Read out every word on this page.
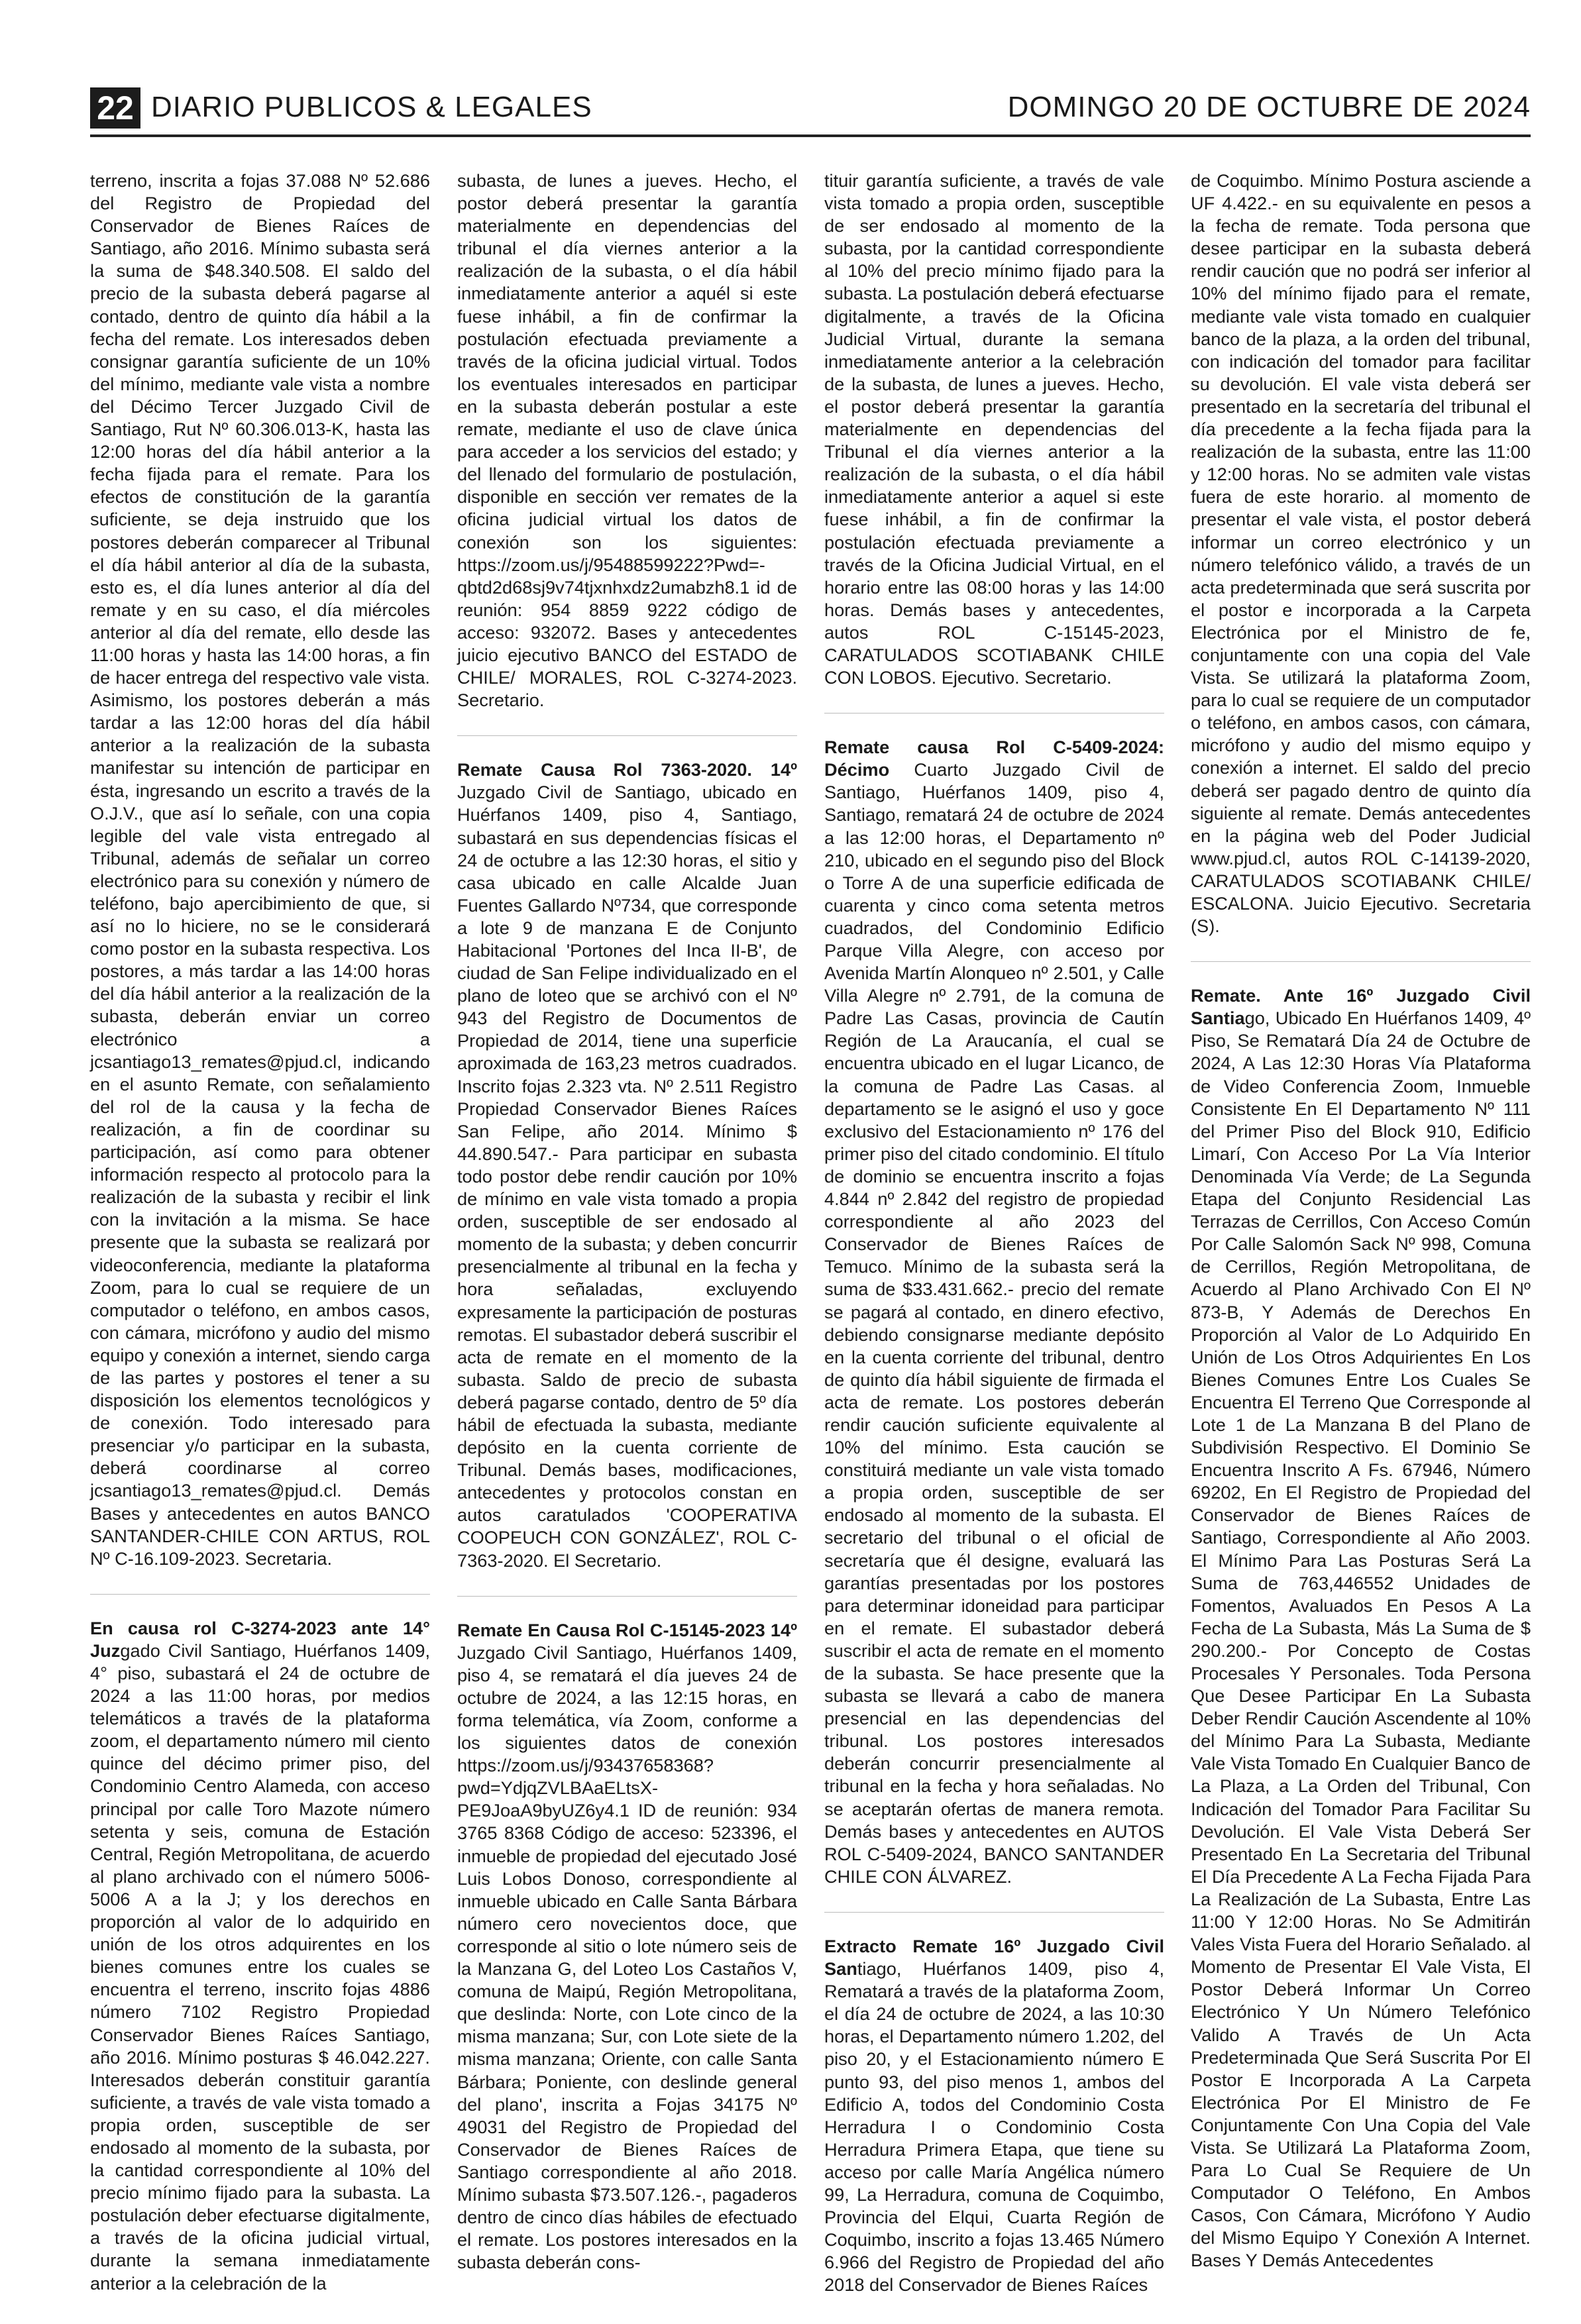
22 DIARIO PUBLICOS & LEGALES	DOMINGO 20 DE OCTUBRE DE 2024

terreno, inscrita a fojas 37.088 Nº 52.686 del Registro de Propiedad del Conservador de Bienes Raíces de Santiago, año 2016. Mínimo subasta será la suma de $48.340.508. El saldo del precio de la subasta deberá pagarse al contado, dentro de quinto día hábil a la fecha del remate. Los interesados deben consignar garantía suficiente de un 10% del mínimo, mediante vale vista a nombre del Décimo Tercer Juzgado Civil de Santiago, Rut Nº 60.306.013-K, hasta las 12:00 horas del día hábil anterior a la fecha fijada para el remate. Para los efectos de constitución de la garantía suficiente, se deja instruido que los postores deberán comparecer al Tribunal el día hábil anterior al día de la subasta, esto es, el día lunes anterior al día del remate y en su caso, el día miércoles anterior al día del remate, ello desde las 11:00 horas y hasta las 14:00 horas, a fin de hacer entrega del respectivo vale vista. Asimismo, los postores deberán a más tardar a las 12:00 horas del día hábil anterior a la realización de la subasta manifestar su intención de participar en ésta, ingresando un escrito a través de la O.J.V., que así lo señale, con una copia legible del vale vista entregado al Tribunal, además de señalar un correo electrónico para su conexión y número de teléfono, bajo apercibimiento de que, si así no lo hiciere, no se le considerará como postor en la subasta respectiva. Los postores, a más tardar a las 14:00 horas del día hábil anterior a la realización de la subasta, deberán enviar un correo electrónico a jcsantiago13_remates@pjud.cl, indicando en el asunto Remate, con señalamiento del rol de la causa y la fecha de realización, a fin de coordinar su participación, así como para obtener información respecto al protocolo para la realización de la subasta y recibir el link con la invitación a la misma. Se hace presente que la subasta se realizará por videoconferencia, mediante la plataforma Zoom, para lo cual se requiere de un computador o teléfono, en ambos casos, con cámara, micrófono y audio del mismo equipo y conexión a internet, siendo carga de las partes y postores el tener a su disposición los elementos tecnológicos y de conexión. Todo interesado para presenciar y/o participar en la subasta, deberá coordinarse al correo jcsantiago13_remates@pjud.cl. Demás Bases y antecedentes en autos BANCO SANTANDER-CHILE CON ARTUS, ROL Nº C-16.109-2023. Secretaria.

En causa rol C-3274-2023 ante 14° Juzgado Civil Santiago, Huérfanos 1409, 4° piso, subastará el 24 de octubre de 2024 a las 11:00 horas, por medios telemáticos a través de la plataforma zoom, el departamento número mil ciento quince del décimo primer piso, del Condominio Centro Alameda, con acceso principal por calle Toro Mazote número setenta y seis, comuna de Estación Central, Región Metropolitana, de acuerdo al plano archivado con el número 5006-5006 A a la J; y los derechos en proporción al valor de lo adquirido en unión de los otros adquirentes en los bienes comunes entre los cuales se encuentra el terreno, inscrito fojas 4886 número 7102 Registro Propiedad Conservador Bienes Raíces Santiago, año 2016. Mínimo posturas $ 46.042.227. Interesados deberán constituir garantía suficiente, a través de vale vista tomado a propia orden, susceptible de ser endosado al momento de la subasta, por la cantidad correspondiente al 10% del precio mínimo fijado para la subasta. La postulación deber efectuarse digitalmente, a través de la oficina judicial virtual, durante la semana inmediatamente anterior a la celebración de la

subasta, de lunes a jueves. Hecho, el postor deberá presentar la garantía materialmente en dependencias del tribunal el día viernes anterior a la realización de la subasta, o el día hábil inmediatamente anterior a aquél si este fuese inhábil, a fin de confirmar la postulación efectuada previamente a través de la oficina judicial virtual. Todos los eventuales interesados en participar en la subasta deberán postular a este remate, mediante el uso de clave única para acceder a los servicios del estado; y del llenado del formulario de postulación, disponible en sección ver remates de la oficina judicial virtual los datos de conexión son los siguientes: https://zoom.us/j/95488599222?Pwd=-qbtd2d68sj9v74tjxnhxdz2umabzh8.1 id de reunión: 954 8859 9222 código de acceso: 932072. Bases y antecedentes juicio ejecutivo BANCO del ESTADO de CHILE/ MORALES, ROL C-3274-2023. Secretario.

Remate Causa Rol 7363-2020. 14º Juzgado Civil de Santiago, ubicado en Huérfanos 1409, piso 4, Santiago, subastará en sus dependencias físicas el 24 de octubre a las 12:30 horas, el sitio y casa ubicado en calle Alcalde Juan Fuentes Gallardo Nº734, que corresponde a lote 9 de manzana E de Conjunto Habitacional 'Portones del Inca II-B', de ciudad de San Felipe individualizado en el plano de loteo que se archivó con el Nº 943 del Registro de Documentos de Propiedad de 2014, tiene una superficie aproximada de 163,23 metros cuadrados. Inscrito fojas 2.323 vta. Nº 2.511 Registro Propiedad Conservador Bienes Raíces San Felipe, año 2014. Mínimo $ 44.890.547.- Para participar en subasta todo postor debe rendir caución por 10% de mínimo en vale vista tomado a propia orden, susceptible de ser endosado al momento de la subasta; y deben concurrir presencialmente al tribunal en la fecha y hora señaladas, excluyendo expresamente la participación de posturas remotas. El subastador deberá suscribir el acta de remate en el momento de la subasta. Saldo de precio de subasta deberá pagarse contado, dentro de 5º día hábil de efectuada la subasta, mediante depósito en la cuenta corriente de Tribunal. Demás bases, modificaciones, antecedentes y protocolos constan en autos caratulados 'COOPERATIVA COOPEUCH CON GONZÁLEZ', ROL C-7363-2020. El Secretario.

Remate En Causa Rol C-15145-2023 14º Juzgado Civil Santiago, Huérfanos 1409, piso 4, se rematará el día jueves 24 de octubre de 2024, a las 12:15 horas, en forma telemática, vía Zoom, conforme a los siguientes datos de conexión https://zoom.us/j/93437658368?pwd=YdjqZVLBAaELtsX-PE9JoaA9byUZ6y4.1 ID de reunión: 934 3765 8368 Código de acceso: 523396, el inmueble de propiedad del ejecutado José Luis Lobos Donoso, correspondiente al inmueble ubicado en Calle Santa Bárbara número cero novecientos doce, que corresponde al sitio o lote número seis de la Manzana G, del Loteo Los Castaños V, comuna de Maipú, Región Metropolitana, que deslinda: Norte, con Lote cinco de la misma manzana; Sur, con Lote siete de la misma manzana; Oriente, con calle Santa Bárbara; Poniente, con deslinde general del plano', inscrita a Fojas 34175 Nº 49031 del Registro de Propiedad del Conservador de Bienes Raíces de Santiago correspondiente al año 2018. Mínimo subasta $73.507.126.-, pagaderos dentro de cinco días hábiles de efectuado el remate. Los postores interesados en la subasta deberán cons-

tituir garantía suficiente, a través de vale vista tomado a propia orden, susceptible de ser endosado al momento de la subasta, por la cantidad correspondiente al 10% del precio mínimo fijado para la subasta. La postulación deberá efectuarse digitalmente, a través de la Oficina Judicial Virtual, durante la semana inmediatamente anterior a la celebración de la subasta, de lunes a jueves. Hecho, el postor deberá presentar la garantía materialmente en dependencias del Tribunal el día viernes anterior a la realización de la subasta, o el día hábil inmediatamente anterior a aquel si este fuese inhábil, a fin de confirmar la postulación efectuada previamente a través de la Oficina Judicial Virtual, en el horario entre las 08:00 horas y las 14:00 horas. Demás bases y antecedentes, autos ROL C-15145-2023, CARATULADOS SCOTIABANK CHILE CON LOBOS. Ejecutivo. Secretario.

Remate causa Rol C-5409-2024: Décimo Cuarto Juzgado Civil de Santiago, Huérfanos 1409, piso 4, Santiago, rematará 24 de octubre de 2024 a las 12:00 horas, el Departamento nº 210, ubicado en el segundo piso del Block o Torre A de una superficie edificada de cuarenta y cinco coma setenta metros cuadrados, del Condominio Edificio Parque Villa Alegre, con acceso por Avenida Martín Alonqueo nº 2.501, y Calle Villa Alegre nº 2.791, de la comuna de Padre Las Casas, provincia de Cautín Región de La Araucanía, el cual se encuentra ubicado en el lugar Licanco, de la comuna de Padre Las Casas. al departamento se le asignó el uso y goce exclusivo del Estacionamiento nº 176 del primer piso del citado condominio. El título de dominio se encuentra inscrito a fojas 4.844 nº 2.842 del registro de propiedad correspondiente al año 2023 del Conservador de Bienes Raíces de Temuco. Mínimo de la subasta será la suma de $33.431.662.- precio del remate se pagará al contado, en dinero efectivo, debiendo consignarse mediante depósito en la cuenta corriente del tribunal, dentro de quinto día hábil siguiente de firmada el acta de remate. Los postores deberán rendir caución suficiente equivalente al 10% del mínimo. Esta caución se constituirá mediante un vale vista tomado a propia orden, susceptible de ser endosado al momento de la subasta. El secretario del tribunal o el oficial de secretaría que él designe, evaluará las garantías presentadas por los postores para determinar idoneidad para participar en el remate. El subastador deberá suscribir el acta de remate en el momento de la subasta. Se hace presente que la subasta se llevará a cabo de manera presencial en las dependencias del tribunal. Los postores interesados deberán concurrir presencialmente al tribunal en la fecha y hora señaladas. No se aceptarán ofertas de manera remota. Demás bases y antecedentes en AUTOS ROL C-5409-2024, BANCO SANTANDER CHILE CON ÁLVAREZ.

Extracto Remate 16º Juzgado Civil Santiago, Huérfanos 1409, piso 4, Rematará a través de la plataforma Zoom, el día 24 de octubre de 2024, a las 10:30 horas, el Departamento número 1.202, del piso 20, y el Estacionamiento número E punto 93, del piso menos 1, ambos del Edificio A, todos del Condominio Costa Herradura I o Condominio Costa Herradura Primera Etapa, que tiene su acceso por calle María Angélica número 99, La Herradura, comuna de Coquimbo, Provincia del Elqui, Cuarta Región de Coquimbo, inscrito a fojas 13.465 Número 6.966 del Registro de Propiedad del año 2018 del Conservador de Bienes Raíces

de Coquimbo. Mínimo Postura asciende a UF 4.422.- en su equivalente en pesos a la fecha de remate. Toda persona que desee participar en la subasta deberá rendir caución que no podrá ser inferior al 10% del mínimo fijado para el remate, mediante vale vista tomado en cualquier banco de la plaza, a la orden del tribunal, con indicación del tomador para facilitar su devolución. El vale vista deberá ser presentado en la secretaría del tribunal el día precedente a la fecha fijada para la realización de la subasta, entre las 11:00 y 12:00 horas. No se admiten vale vistas fuera de este horario. al momento de presentar el vale vista, el postor deberá informar un correo electrónico y un número telefónico válido, a través de un acta predeterminada que será suscrita por el postor e incorporada a la Carpeta Electrónica por el Ministro de fe, conjuntamente con una copia del Vale Vista. Se utilizará la plataforma Zoom, para lo cual se requiere de un computador o teléfono, en ambos casos, con cámara, micrófono y audio del mismo equipo y conexión a internet. El saldo del precio deberá ser pagado dentro de quinto día siguiente al remate. Demás antecedentes en la página web del Poder Judicial www.pjud.cl, autos ROL C-14139-2020, CARATULADOS SCOTIABANK CHILE/ ESCALONA. Juicio Ejecutivo. Secretaria (S).

Remate. Ante 16º Juzgado Civil Santiago, Ubicado En Huérfanos 1409, 4º Piso, Se Rematará Día 24 de Octubre de 2024, A Las 12:30 Horas Vía Plataforma de Video Conferencia Zoom, Inmueble Consistente En El Departamento Nº 111 del Primer Piso del Block 910, Edificio Limarí, Con Acceso Por La Vía Interior Denominada Vía Verde; de La Segunda Etapa del Conjunto Residencial Las Terrazas de Cerrillos, Con Acceso Común Por Calle Salomón Sack Nº 998, Comuna de Cerrillos, Región Metropolitana, de Acuerdo al Plano Archivado Con El Nº 873-B, Y Además de Derechos En Proporción al Valor de Lo Adquirido En Unión de Los Otros Adquirientes En Los Bienes Comunes Entre Los Cuales Se Encuentra El Terreno Que Corresponde al Lote 1 de La Manzana B del Plano de Subdivisión Respectivo. El Dominio Se Encuentra Inscrito A Fs. 67946, Número 69202, En El Registro de Propiedad del Conservador de Bienes Raíces de Santiago, Correspondiente al Año 2003. El Mínimo Para Las Posturas Será La Suma de 763,446552 Unidades de Fomentos, Avaluados En Pesos A La Fecha de La Subasta, Más La Suma de $ 290.200.- Por Concepto de Costas Procesales Y Personales. Toda Persona Que Desee Participar En La Subasta Deber Rendir Caución Ascendente al 10% del Mínimo Para La Subasta, Mediante Vale Vista Tomado En Cualquier Banco de La Plaza, a La Orden del Tribunal, Con Indicación del Tomador Para Facilitar Su Devolución. El Vale Vista Deberá Ser Presentado En La Secretaria del Tribunal El Día Precedente A La Fecha Fijada Para La Realización de La Subasta, Entre Las 11:00 Y 12:00 Horas. No Se Admitirán Vales Vista Fuera del Horario Señalado. al Momento de Presentar El Vale Vista, El Postor Deberá Informar Un Correo Electrónico Y Un Número Telefónico Valido A Través de Un Acta Predeterminada Que Será Suscrita Por El Postor E Incorporada A La Carpeta Electrónica Por El Ministro de Fe Conjuntamente Con Una Copia del Vale Vista. Se Utilizará La Plataforma Zoom, Para Lo Cual Se Requiere de Un Computador O Teléfono, En Ambos Casos, Con Cámara, Micrófono Y Audio del Mismo Equipo Y Conexión A Internet. Bases Y Demás Antecedentes
